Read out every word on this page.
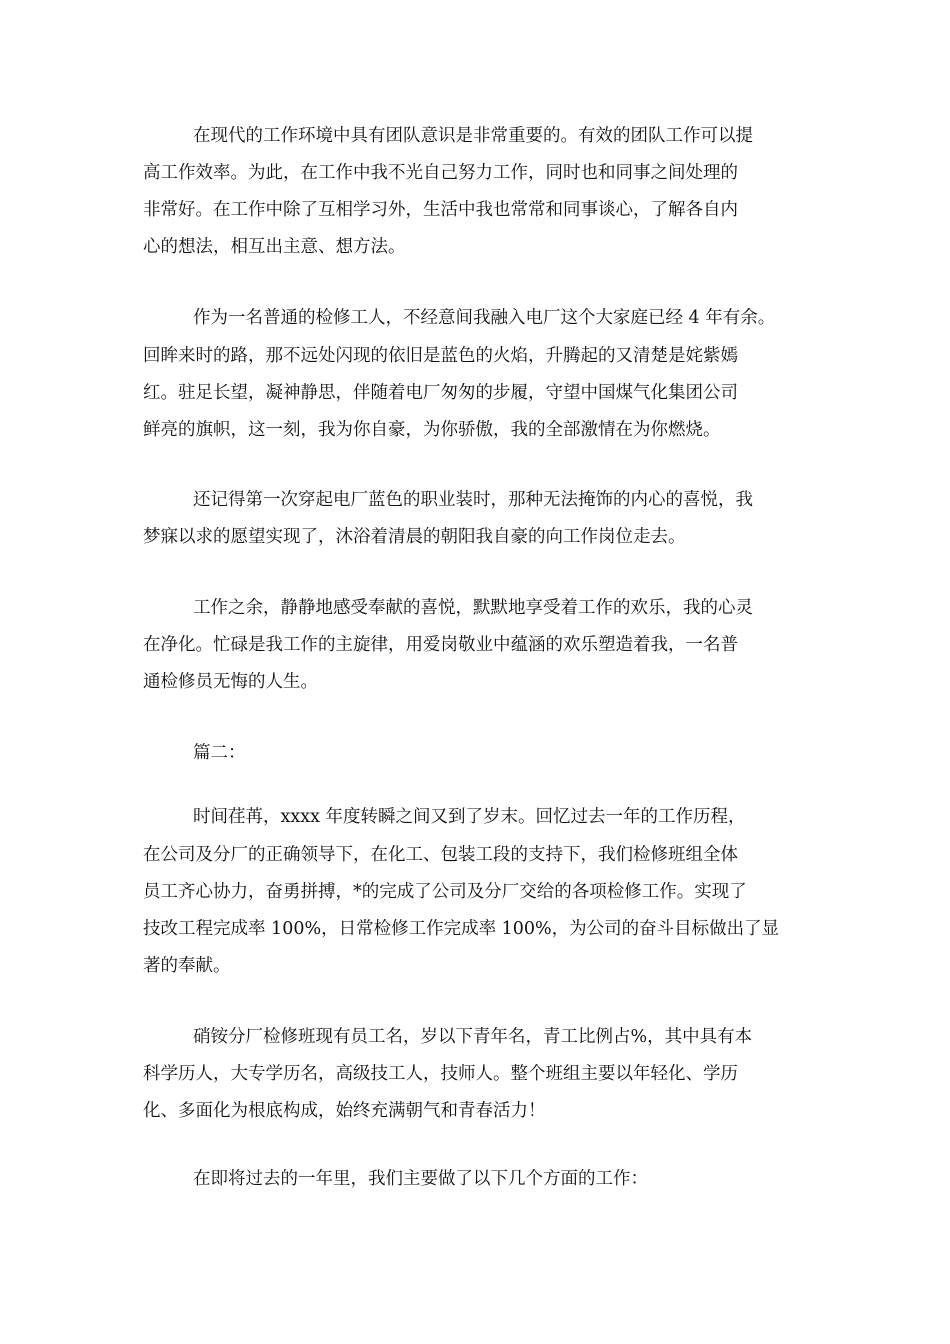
在现代的工作环境中具有团队意识是非常重要的。有效的团队工作可以提

高工作效率。为此，在工作中我不光自己努力工作，同时也和同事之间处理的

非常好。在工作中除了互相学习外，生活中我也常常和同事谈心，了解各自内

心的想法，相互出主意、想方法。

作为一名普通的检修工人，不经意间我融入电厂这个大家庭已经 4 年有余。

回眸来时的路，那不远处闪现的依旧是蓝色的火焰，升腾起的又清楚是姹紫嫣

红。驻足长望，凝神静思，伴随着电厂匆匆的步履，守望中国煤气化集团公司

鲜亮的旗帜，这一刻，我为你自豪，为你骄傲，我的全部激情在为你燃烧。

还记得第一次穿起电厂蓝色的职业装时，那种无法掩饰的内心的喜悦，我

梦寐以求的愿望实现了，沐浴着清晨的朝阳我自豪的向工作岗位走去。

工作之余，静静地感受奉献的喜悦，默默地享受着工作的欢乐，我的心灵

在净化。忙碌是我工作的主旋律，用爱岗敬业中蕴涵的欢乐塑造着我，一名普

通检修员无悔的人生。

篇二：

时间荏苒，xxxx 年度转瞬之间又到了岁末。回忆过去一年的工作历程，

在公司及分厂的正确领导下，在化工、包装工段的支持下，我们检修班组全体

员工齐心协力，奋勇拼搏，*的完成了公司及分厂交给的各项检修工作。实现了

技改工程完成率 100%，日常检修工作完成率 100%，为公司的奋斗目标做出了显

著的奉献。

硝铵分厂检修班现有员工名，岁以下青年名，青工比例占%，其中具有本

科学历人，大专学历名，高级技工人，技师人。整个班组主要以年轻化、学历

化、多面化为根底构成，始终充满朝气和青春活力！

在即将过去的一年里，我们主要做了以下几个方面的工作：
